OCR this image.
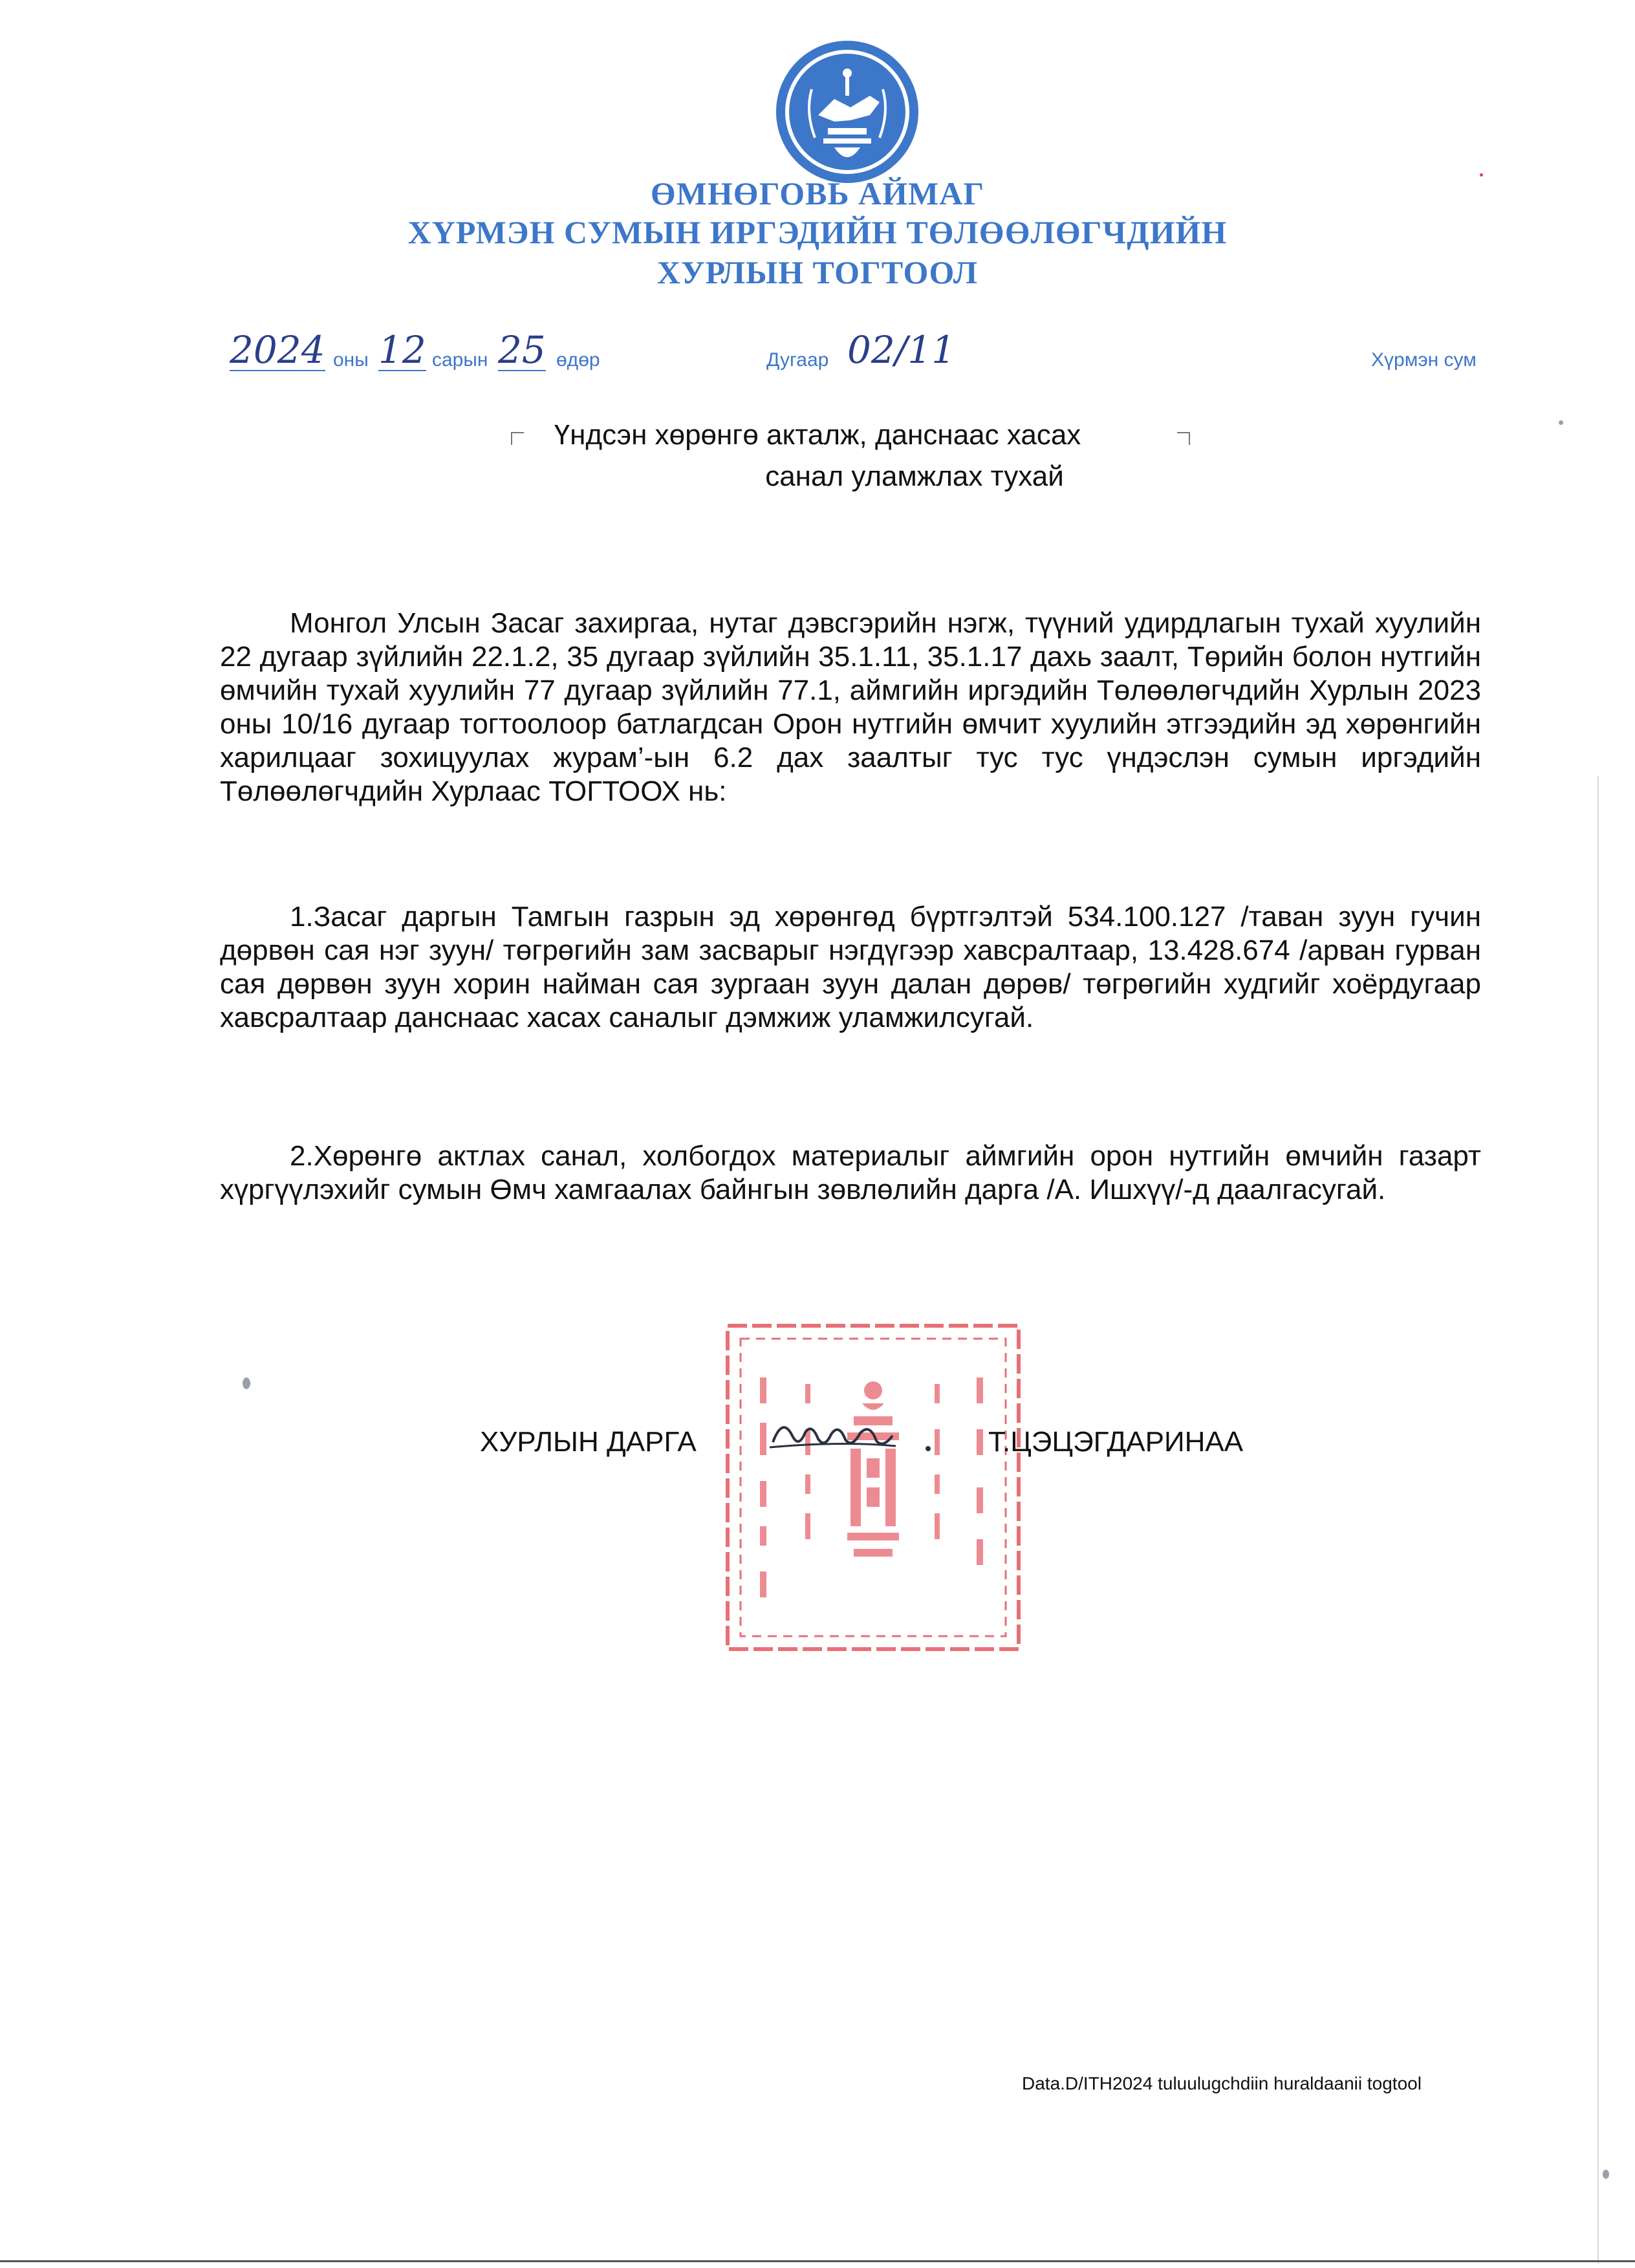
ӨМНӨГОВЬ АЙМАГ
ХҮРМЭН СУМЫН ИРГЭДИЙН ТӨЛӨӨЛӨГЧДИЙН
ХУРЛЫН ТОГТООЛ
2024 оны 12 сарын 25 өдөр	Дугаар 02/11	Хүрмэн сум
Үндсэн хөрөнгө акталж, данснаас хасах
санал уламжлах тухай
Монгол Улсын Засаг захиргаа, нутаг дэвсгэрийн нэгж, түүний удирдлагын тухай хуулийн 22 дугаар зүйлийн 22.1.2, 35 дугаар зүйлийн 35.1.11, 35.1.17 дахь заалт, Төрийн болон нутгийн өмчийн тухай хуулийн 77 дугаар зүйлийн 77.1, аймгийн иргэдийн Төлөөлөгчдийн Хурлын 2023 оны 10/16 дугаар тогтоолоор батлагдсан Орон нутгийн өмчит хуулийн этгээдийн эд хөрөнгийн харилцааг зохицуулах журам’-ын 6.2 дах заалтыг тус тус үндэслэн сумын иргэдийн Төлөөлөгчдийн Хурлаас ТОГТООХ нь:
1.Засаг даргын Тамгын газрын эд хөрөнгөд бүртгэлтэй 534.100.127 /таван зуун гучин дөрвөн сая нэг зуун/ төгрөгийн зам засварыг нэгдүгээр хавсралтаар, 13.428.674 /арван гурван сая дөрвөн зуун хорин найман сая зургаан зуун далан дөрөв/ төгрөгийн худгийг хоёрдугаар хавсралтаар данснаас хасах саналыг дэмжиж уламжилсугай.
2.Хөрөнгө актлах санал, холбогдох материалыг аймгийн орон нутгийн өмчийн газарт хүргүүлэхийг сумын Өмч хамгаалах байнгын зөвлөлийн дарга /А. Ишхүү/-д даалгасугай.
ХУРЛЫН ДАРГА	Т.ЦЭЦЭГДАРИНАА
Data.D/ITH2024 tuluulugchdiin huraldaanii togtool
